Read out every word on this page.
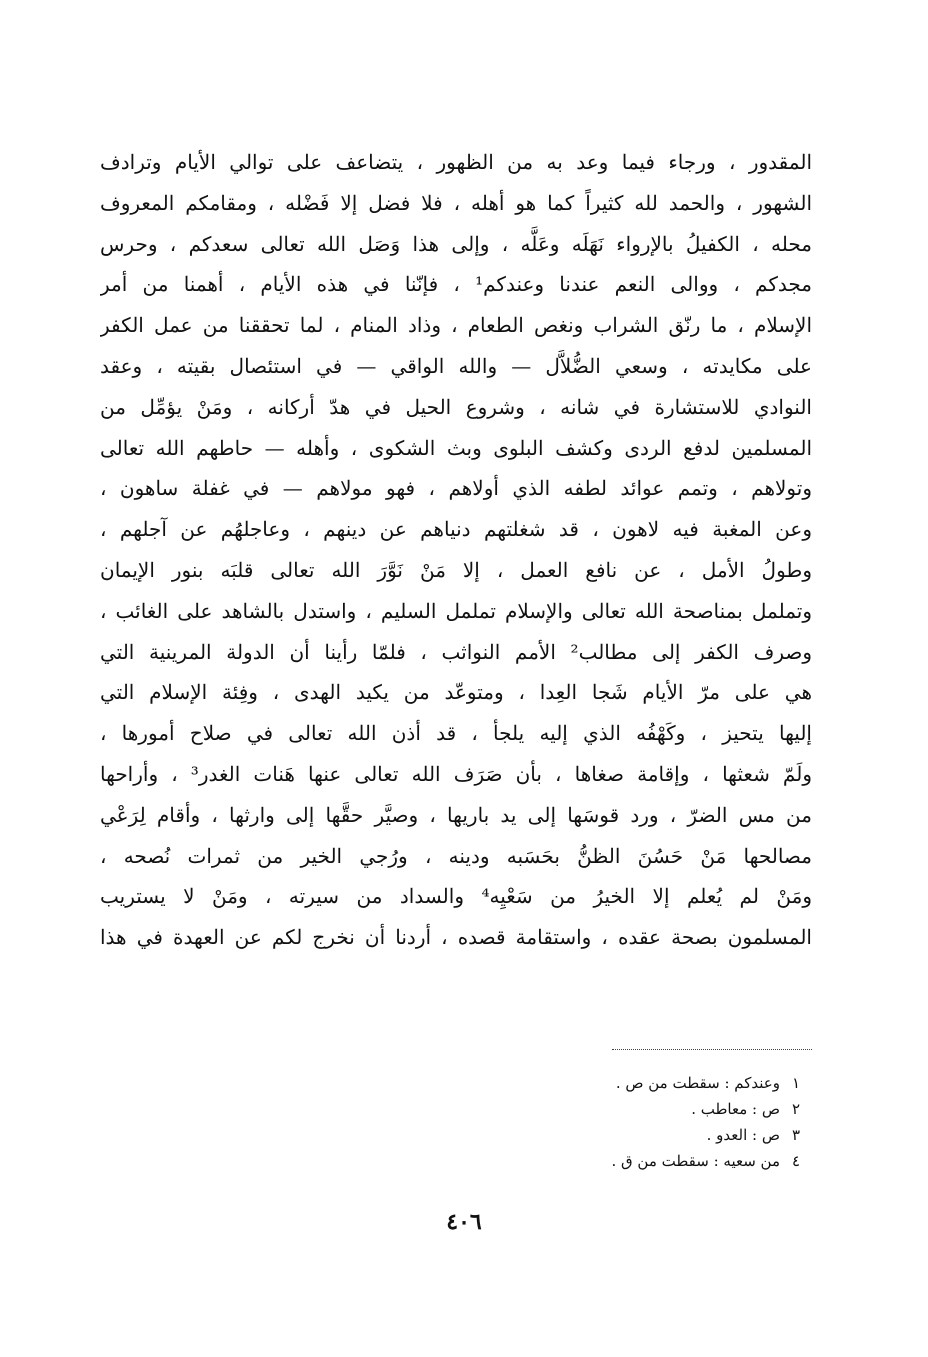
المقدور ، ورجاء فيما وعد به من الظهور ، يتضاعف على توالي الأيام وترادف
الشهور ، والحمد لله كثيراً كما هو أهله ، فلا فضل إلا فَضْله ، ومقامكم المعروف
محله ، الكفيلُ بالإرواء نَهَلَه وعَلَّه ، وإلى هذا وَصَل الله تعالى سعدكم ، وحرس
مجدكم ، ووالى النعم عندنا وعندكم¹ ، فإنّنا في هذه الأيام ، أهمنا من أمر
الإسلام ، ما رنّق الشراب ونغص الطعام ، وذاد المنام ، لما تحققنا من عمل الكفر
على مكايدته ، وسعي الضُّلاَّل — والله الواقي — في استئصال بقيته ، وعقد
النوادي للاستشارة في شانه ، وشروع الحيل في هدّ أركانه ، ومَنْ يؤمِّل من
المسلمين لدفع الردى وكشف البلوى وبث الشكوى ، وأهله — حاطهم الله تعالى
وتولاهم ، وتمم عوائد لطفه الذي أولاهم ، فهو مولاهم — في غفلة ساهون ،
وعن المغبة فيه لاهون ، قد شغلتهم دنياهم عن دينهم ، وعاجلهُم عن آجلهم ،
وطولُ الأمل ، عن نافع العمل ، إلا مَنْ نَوَّرَ الله تعالى قلبَه بنور الإيمان
وتململ بمناصحة الله تعالى والإسلام تململ السليم ، واستدل بالشاهد على الغائب ،
وصرف الكفر إلى مطالب² الأمم النواثب ، فلمّا رأينا أن الدولة المرينية التي
هي على مرّ الأيام شَجا العِدا ، ومتوعّد من يكيد الهدى ، وفِئة الإسلام التي
إليها يتحيز ، وكَهْفُه الذي إليه يلجأ ، قد أذن الله تعالى في صلاح أمورها ،
ولَمّ شعثها ، وإقامة صغاها ، بأن صَرَف الله تعالى عنها هَنات الغدر³ ، وأراحها
من مس الضرّ ، ورد قوسَها إلى يد باريها ، وصيَّر حقَّها إلى وارثها ، وأقام لِرَعْي
مصالحها مَنْ حَسُنَ الظنُّ بحَسَبه ودينه ، ورُجي الخير من ثمرات نُصحه ،
ومَنْ لم يُعلم إلا الخيرُ من سَعْيِه⁴ والسداد من سيرته ، ومَنْ لا يستريب
المسلمون بصحة عقده ، واستقامة قصده ، أردنا أن نخرج لكم عن العهدة في هذا
١
وعندكم : سقطت من ص .
٢
ص : معاطب .
٣
ص : العدو .
٤
من سعيه : سقطت من ق .
٤٠٦
